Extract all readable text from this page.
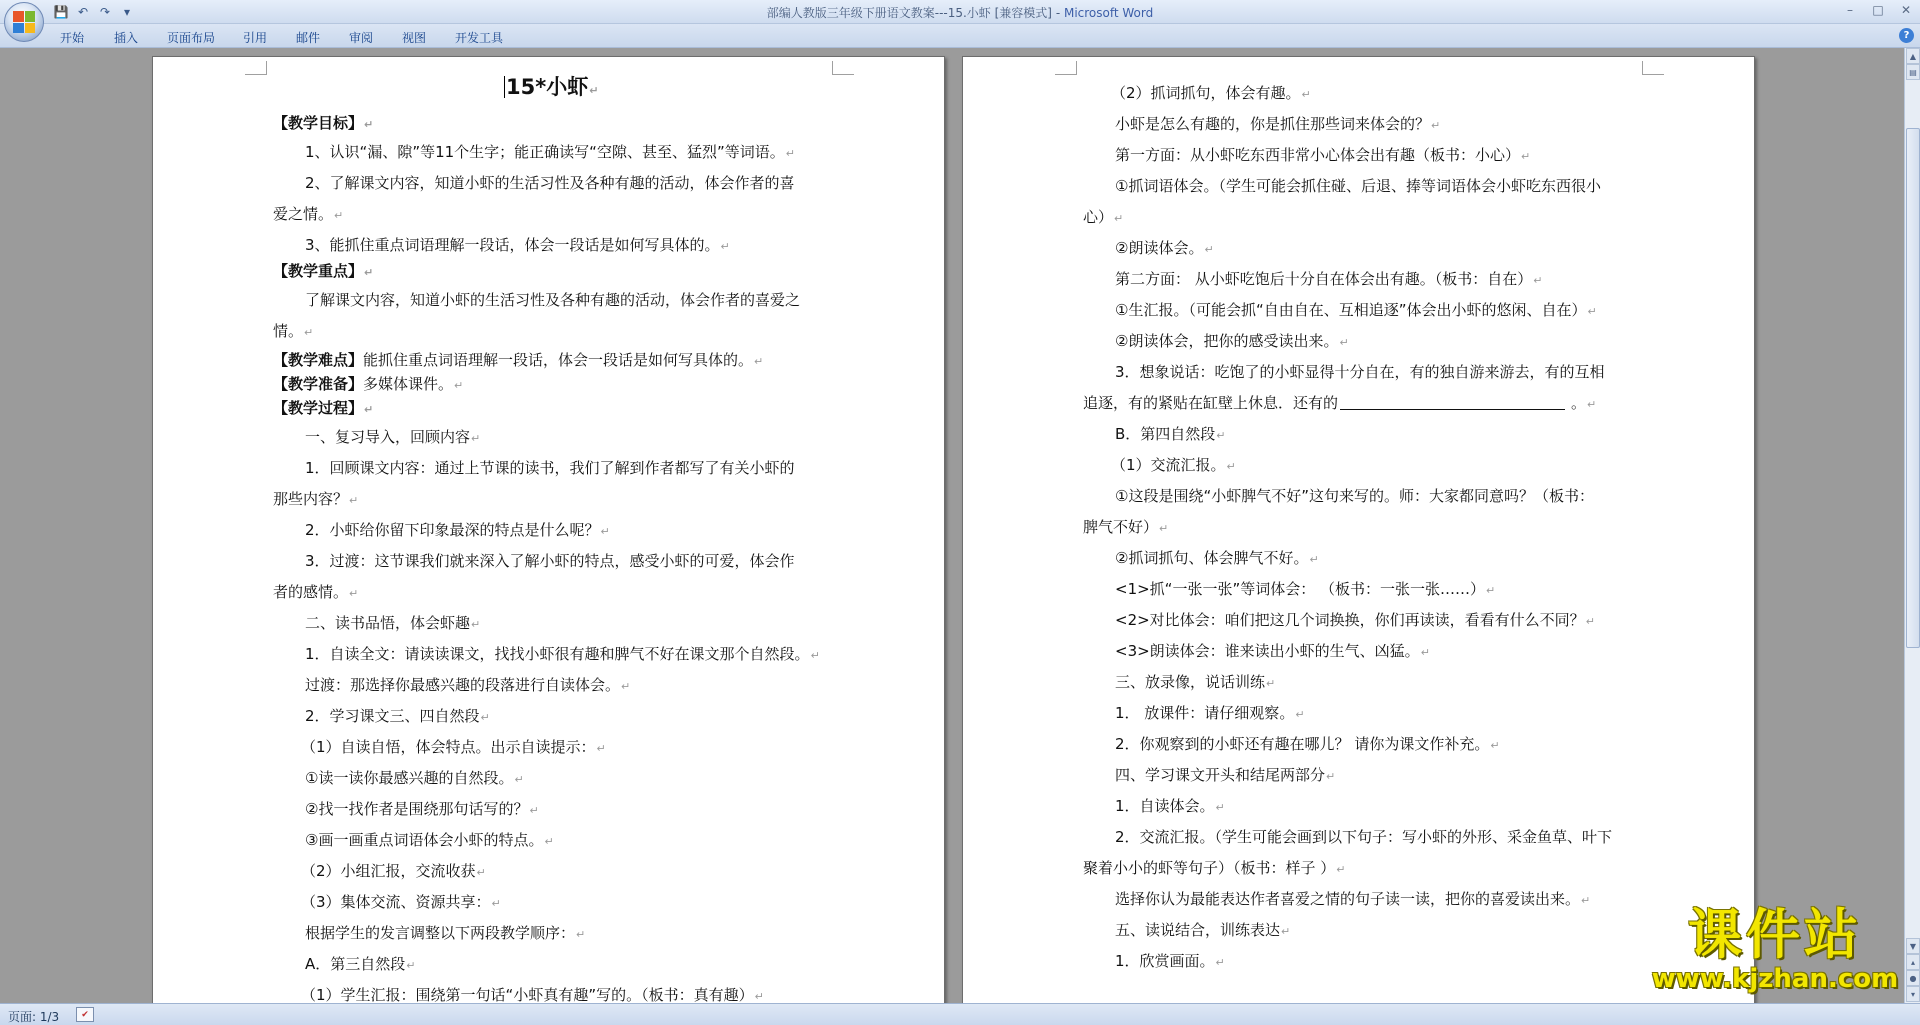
💾 ↶ ↷	▾	部编人教版三年级下册语文教案---15.小虾 [兼容模式] - Microsoft Word	–	□	✕
开始 插入 页面布局 引用 邮件 审阅 视图 开发工具	?
15*小虾↵
【教学目标】↵
1、认识“漏、隙”等11个生字；能正确读写“空隙、甚至、猛烈”等词语。↵
2、了解课文内容，知道小虾的生活习性及各种有趣的活动，体会作者的喜
爱之情。↵
3、能抓住重点词语理解一段话，体会一段话是如何写具体的。↵
【教学重点】↵
了解课文内容，知道小虾的生活习性及各种有趣的活动，体会作者的喜爱之
情。↵
【教学难点】能抓住重点词语理解一段话，体会一段话是如何写具体的。↵
【教学准备】多媒体课件。↵
【教学过程】↵
一、复习导入，回顾内容↵
1．回顾课文内容：通过上节课的读书，我们了解到作者都写了有关小虾的
那些内容？↵
2．小虾给你留下印象最深的特点是什么呢？↵
3．过渡：这节课我们就来深入了解小虾的特点，感受小虾的可爱，体会作
者的感情。↵
二、读书品悟，体会虾趣↵
1．自读全文：请读读课文，找找小虾很有趣和脾气不好在课文那个自然段。↵
过渡：那选择你最感兴趣的段落进行自读体会。↵
2．学习课文三、四自然段↵
（1）自读自悟，体会特点。出示自读提示：↵
①读一读你最感兴趣的自然段。↵
②找一找作者是围绕那句话写的？↵
③画一画重点词语体会小虾的特点。↵
（2）小组汇报，交流收获↵
（3）集体交流、资源共享：↵
根据学生的发言调整以下两段教学顺序：↵
A．第三自然段↵
（1）学生汇报：围绕第一句话“小虾真有趣”写的。（板书：真有趣）↵
（2）抓词抓句，体会有趣。↵
小虾是怎么有趣的，你是抓住那些词来体会的？↵
第一方面：从小虾吃东西非常小心体会出有趣（板书：小心）↵
①抓词语体会。（学生可能会抓住碰、后退、捧等词语体会小虾吃东西很小
心）↵
②朗读体会。↵
第二方面： 从小虾吃饱后十分自在体会出有趣。（板书：自在）↵
①生汇报。（可能会抓“自由自在、互相追逐”体会出小虾的悠闲、自在）↵
②朗读体会，把你的感受读出来。↵
3．想象说话：吃饱了的小虾显得十分自在，有的独自游来游去，有的互相
追逐，有的紧贴在缸壁上休息．还有的	。↵
B．第四自然段↵
（1）交流汇报。↵
①这段是围绕“小虾脾气不好”这句来写的。师：大家都同意吗？（板书：
脾气不好）↵
②抓词抓句、体会脾气不好。↵
<1>抓“一张一张”等词体会： （板书：一张一张……）↵
<2>对比体会：咱们把这几个词换换，你们再读读，看看有什么不同？↵
<3>朗读体会：谁来读出小虾的生气、凶猛。↵
三、放录像，说话训练↵
1． 放课件：请仔细观察。↵
2．你观察到的小虾还有趣在哪儿？ 请你为课文作补充。↵
四、学习课文开头和结尾两部分↵
1．自读体会。↵
2．交流汇报。（学生可能会画到以下句子：写小虾的外形、采金鱼草、叶下
聚着小小的虾等句子）（板书：样子 ）↵
选择你认为最能表达作者喜爱之情的句子读一读，把你的喜爱读出来。↵
五、读说结合，训练表达↵
1．欣赏画面。↵
▲
▤
▼
▴
●
▾
页面: 1/3	✔
课件站
www.kjzhan.com
